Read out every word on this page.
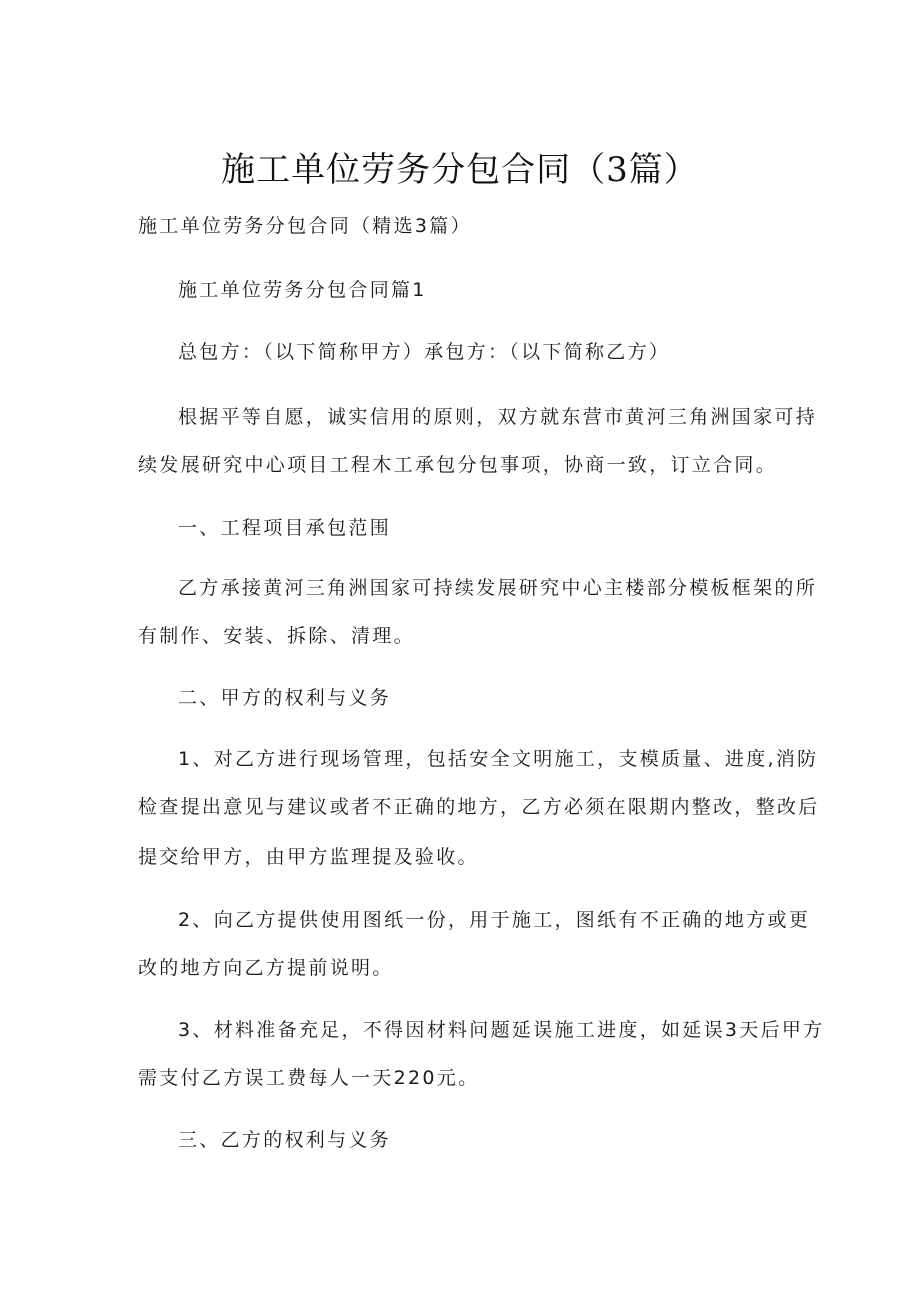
施工单位劳务分包合同（3篇）

施工单位劳务分包合同（精选3篇）

施工单位劳务分包合同篇1

总包方：（以下简称甲方）承包方：（以下简称乙方）

根据平等自愿，诚实信用的原则，双方就东营市黄河三角洲国家可持

续发展研究中心项目工程木工承包分包事项，协商一致，订立合同。

一、工程项目承包范围

乙方承接黄河三角洲国家可持续发展研究中心主楼部分模板框架的所

有制作、安装、拆除、清理。

二、甲方的权利与义务

1、对乙方进行现场管理，包括安全文明施工，支模质量、进度,消防

检查提出意见与建议或者不正确的地方，乙方必须在限期内整改，整改后

提交给甲方，由甲方监理提及验收。

2、向乙方提供使用图纸一份，用于施工，图纸有不正确的地方或更

改的地方向乙方提前说明。

3、材料准备充足，不得因材料问题延误施工进度，如延误3天后甲方

需支付乙方误工费每人一天220元。

三、乙方的权利与义务
